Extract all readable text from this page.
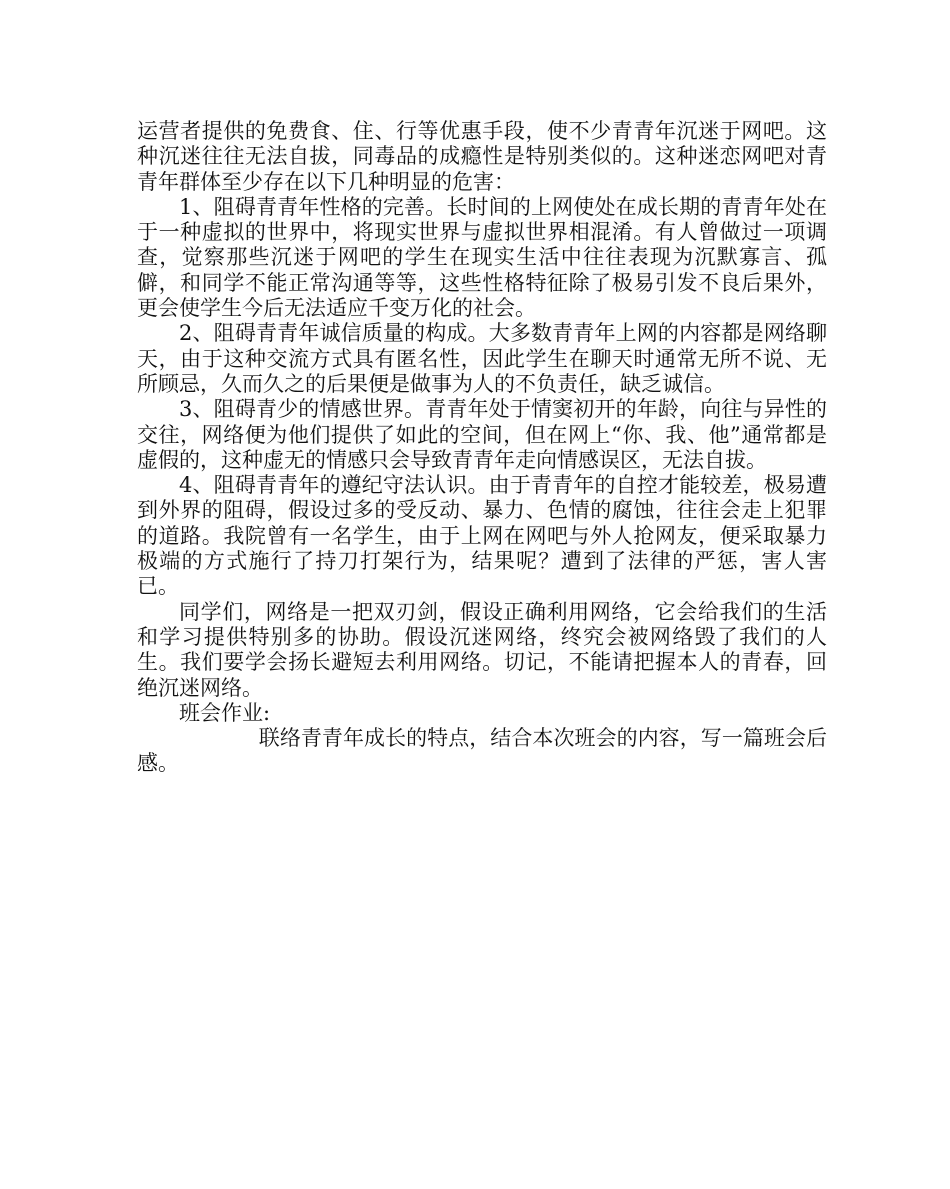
运营者提供的免费食、住、行等优惠手段，使不少青青年沉迷于网吧。这种沉迷往往无法自拔，同毒品的成瘾性是特别类似的。这种迷恋网吧对青青年群体至少存在以下几种明显的危害：

1、阻碍青青年性格的完善。长时间的上网使处在成长期的青青年处在于一种虚拟的世界中，将现实世界与虚拟世界相混淆。有人曾做过一项调查，觉察那些沉迷于网吧的学生在现实生活中往往表现为沉默寡言、孤僻，和同学不能正常沟通等等，这些性格特征除了极易引发不良后果外，更会使学生今后无法适应千变万化的社会。

2、阻碍青青年诚信质量的构成。大多数青青年上网的内容都是网络聊天，由于这种交流方式具有匿名性，因此学生在聊天时通常无所不说、无所顾忌，久而久之的后果便是做事为人的不负责任，缺乏诚信。

3、阻碍青少的情感世界。青青年处于情窦初开的年龄，向往与异性的交往，网络便为他们提供了如此的空间，但在网上“你、我、他”通常都是虚假的，这种虚无的情感只会导致青青年走向情感误区，无法自拔。

4、阻碍青青年的遵纪守法认识。由于青青年的自控才能较差，极易遭到外界的阻碍，假设过多的受反动、暴力、色情的腐蚀，往往会走上犯罪的道路。我院曾有一名学生，由于上网在网吧与外人抢网友，便采取暴力极端的方式施行了持刀打架行为，结果呢？遭到了法律的严惩，害人害已。

同学们，网络是一把双刃剑，假设正确利用网络，它会给我们的生活和学习提供特别多的协助。假设沉迷网络，终究会被网络毁了我们的人生。我们要学会扬长避短去利用网络。切记，不能请把握本人的青春，回绝沉迷网络。

班会作业:

联络青青年成长的特点，结合本次班会的内容，写一篇班会后感。
